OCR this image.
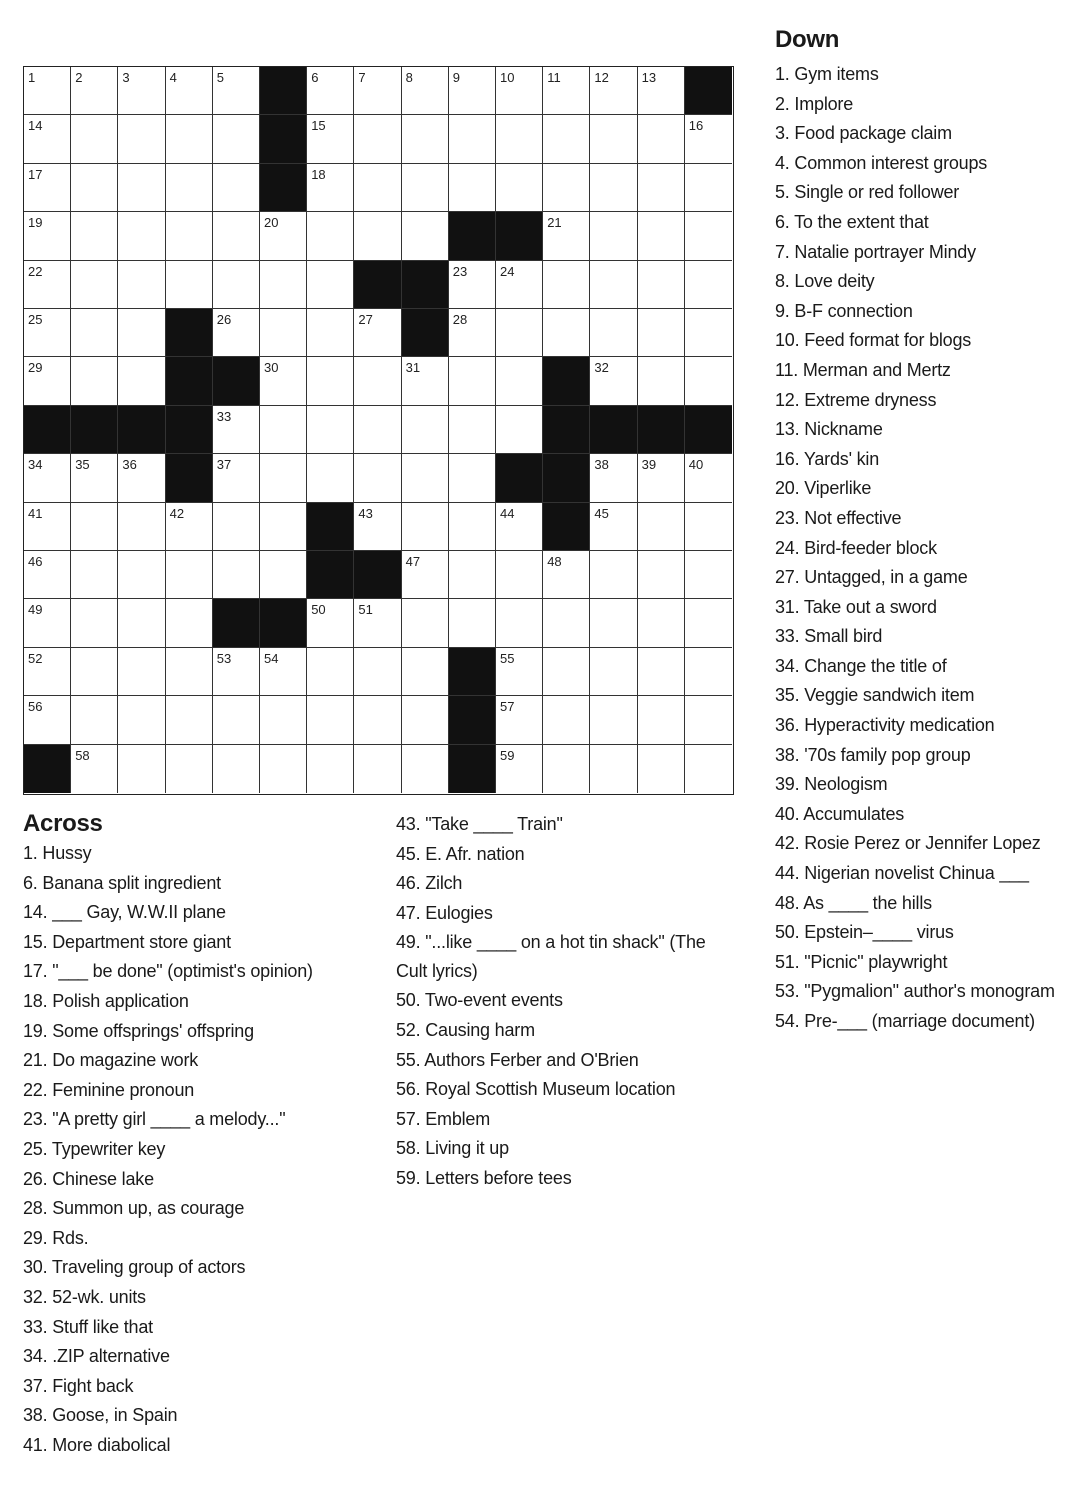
1	2	3	4	5	6	7	8	9	10	11	12	13
14	15	16
17	18
19	20	21
22	23	24
25	26	27	28
29	30	31	32
33
34	35	36	37	38	39	40
41	42	43	44	45
46	47	48
49	50	51
52	53	54	55
56	57
58	59
Down
1. Gym items
2. Implore
3. Food package claim
4. Common interest groups
5. Single or red follower
6. To the extent that
7. Natalie portrayer Mindy
8. Love deity
9. B-F connection
10. Feed format for blogs
11. Merman and Mertz
12. Extreme dryness
13. Nickname
16. Yards' kin
20. Viperlike
23. Not effective
24. Bird-feeder block
27. Untagged, in a game
31. Take out a sword
33. Small bird
34. Change the title of
35. Veggie sandwich item
36. Hyperactivity medication
38. '70s family pop group
39. Neologism
40. Accumulates
42. Rosie Perez or Jennifer Lopez
44. Nigerian novelist Chinua ___
48. As ____ the hills
50. Epstein–____ virus
51. "Picnic" playwright
53. "Pygmalion" author's monogram
54. Pre-___ (marriage document)
Across
1. Hussy
6. Banana split ingredient
14. ___ Gay, W.W.II plane
15. Department store giant
17. "___ be done" (optimist's opinion)
18. Polish application
19. Some offsprings' offspring
21. Do magazine work
22. Feminine pronoun
23. "A pretty girl ____ a melody..."
25. Typewriter key
26. Chinese lake
28. Summon up, as courage
29. Rds.
30. Traveling group of actors
32. 52-wk. units
33. Stuff like that
34. .ZIP alternative
37. Fight back
38. Goose, in Spain
41. More diabolical
43. "Take ____ Train"
45. E. Afr. nation
46. Zilch
47. Eulogies
49. "...like ____ on a hot tin shack" (The Cult lyrics)
50. Two-event events
52. Causing harm
55. Authors Ferber and O'Brien
56. Royal Scottish Museum location
57. Emblem
58. Living it up
59. Letters before tees
